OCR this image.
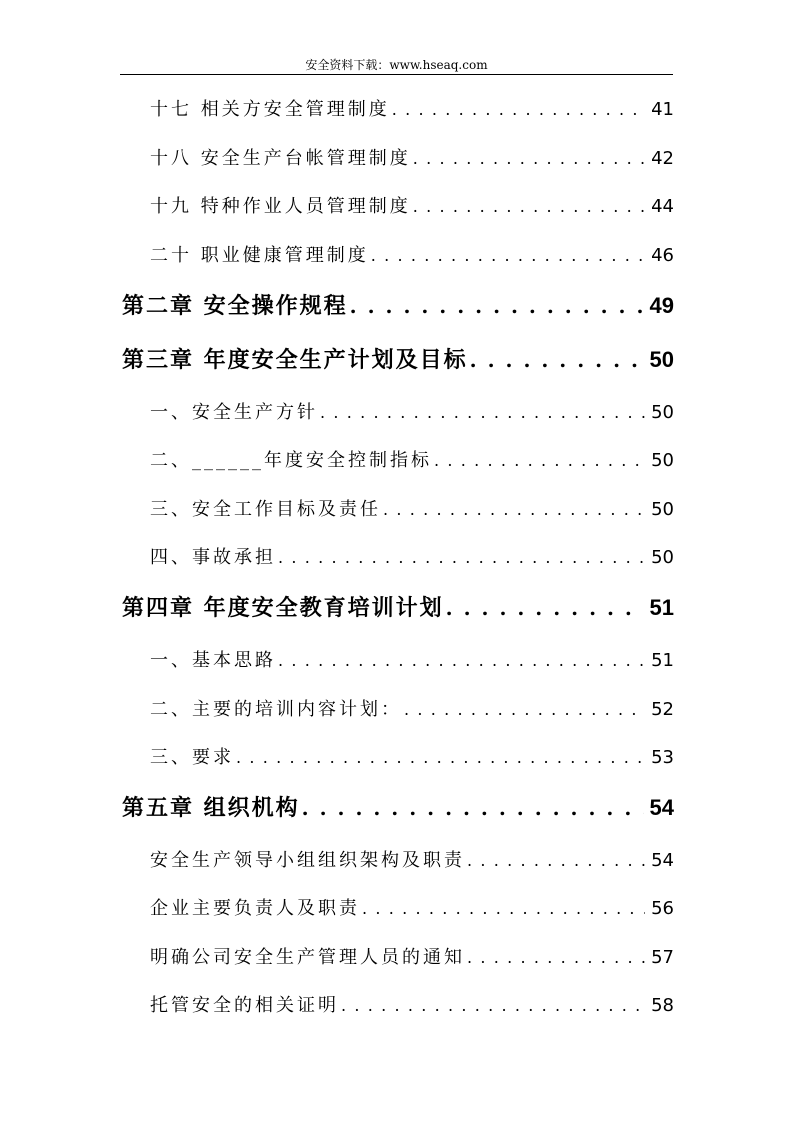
安全资料下载：www.hseaq.com
十七 相关方安全管理制度 . . .	41
十八 安全生产台帐管理制度 . . .	42
十九 特种作业人员管理制度 . . .	44
二十 职业健康管理制度 . . .	46
第二章 安全操作规程 . . .	49
第三章 年度安全生产计划及目标 . . .	50
一、安全生产方针 . . .	50
二、______年度安全控制指标 . . .	50
三、安全工作目标及责任 . . .	50
四、事故承担 . . .	50
第四章 年度安全教育培训计划 . . .	51
一、基本思路 . . .	51
二、主要的培训内容计划： . . .	52
三、要求 . . .	53
第五章 组织机构 . . .	54
安全生产领导小组组织架构及职责 . . .	54
企业主要负责人及职责 . . .	56
明确公司安全生产管理人员的通知 . . .	57
托管安全的相关证明 . . .	58
